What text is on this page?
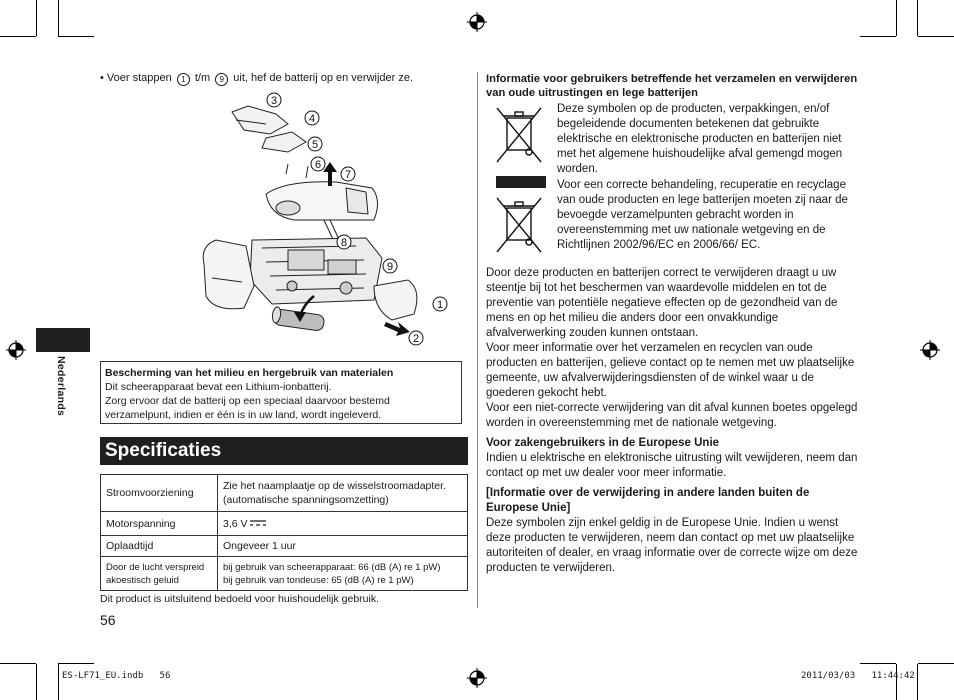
• Voer stappen 1 t/m 9 uit, hef de batterij op en verwijder ze.
3
4
5
6
7
8
9
1
2

Bescherming van het milieu en hergebruik van materialen

Dit scheerapparaat bevat een Lithium-ionbatterij.

Zorg ervoor dat de batterij op een speciaal daarvoor bestemd verzamelpunt, indien er één is in uw land, wordt ingeleverd.

Specificaties
Stroomvoorziening	Zie het naamplaatje op de wisselstroomadapter. (automatische spanningsomzetting)
Motorspanning	3,6 V
Oplaadtijd	Ongeveer 1 uur
Door de lucht verspreid akoestisch geluid	bij gebruik van scheerapparaat: 66 (dB (A) re 1 pW)
bij gebruik van tondeuse: 65 (dB (A) re 1 pW)
Dit product is uitsluitend bedoeld voor huishoudelijk gebruik.
56
Nederlands
Informatie voor gebruikers betreffende het verzamelen en verwijderen van oude uitrustingen en lege batterijen

Deze symbolen op de producten, verpakkingen, en/of begeleidende documenten betekenen dat gebruikte elektrische en elektronische producten en batterijen niet met het algemene huishoudelijke afval gemengd mogen worden.

Voor een correcte behandeling, recuperatie en recyclage van oude producten en lege batterijen moeten zij naar de bevoegde verzamelpunten gebracht worden in overeenstemming met uw nationale wetgeving en de Richtlijnen 2002/96/EC en 2006/66/ EC.

Door deze producten en batterijen correct te verwijderen draagt u uw steentje bij tot het beschermen van waardevolle middelen en tot de preventie van potentiële negatieve effecten op de gezondheid van de mens en op het milieu die anders door een onvakkundige afvalverwerking zouden kunnen ontstaan.

Voor meer informatie over het verzamelen en recyclen van oude producten en batterijen, gelieve contact op te nemen met uw plaatselijke gemeente, uw afvalverwijderingsdiensten of de winkel waar u de goederen gekocht hebt.

Voor een niet-correcte verwijdering van dit afval kunnen boetes opgelegd worden in overeenstemming met de nationale wetgeving.

Voor zakengebruikers in de Europese Unie

Indien u elektrische en elektronische uitrusting wilt vewijderen, neem dan contact op met uw dealer voor meer informatie.

[Informatie over de verwijdering in andere landen buiten de Europese Unie]

Deze symbolen zijn enkel geldig in de Europese Unie. Indien u wenst deze producten te verwijderen, neem dan contact op met uw plaatselijke autoriteiten of dealer, en vraag informatie over de correcte wijze om deze producten te verwijderen.

ES-LF71_EU.indb   56	2011/03/03   11:44:42
